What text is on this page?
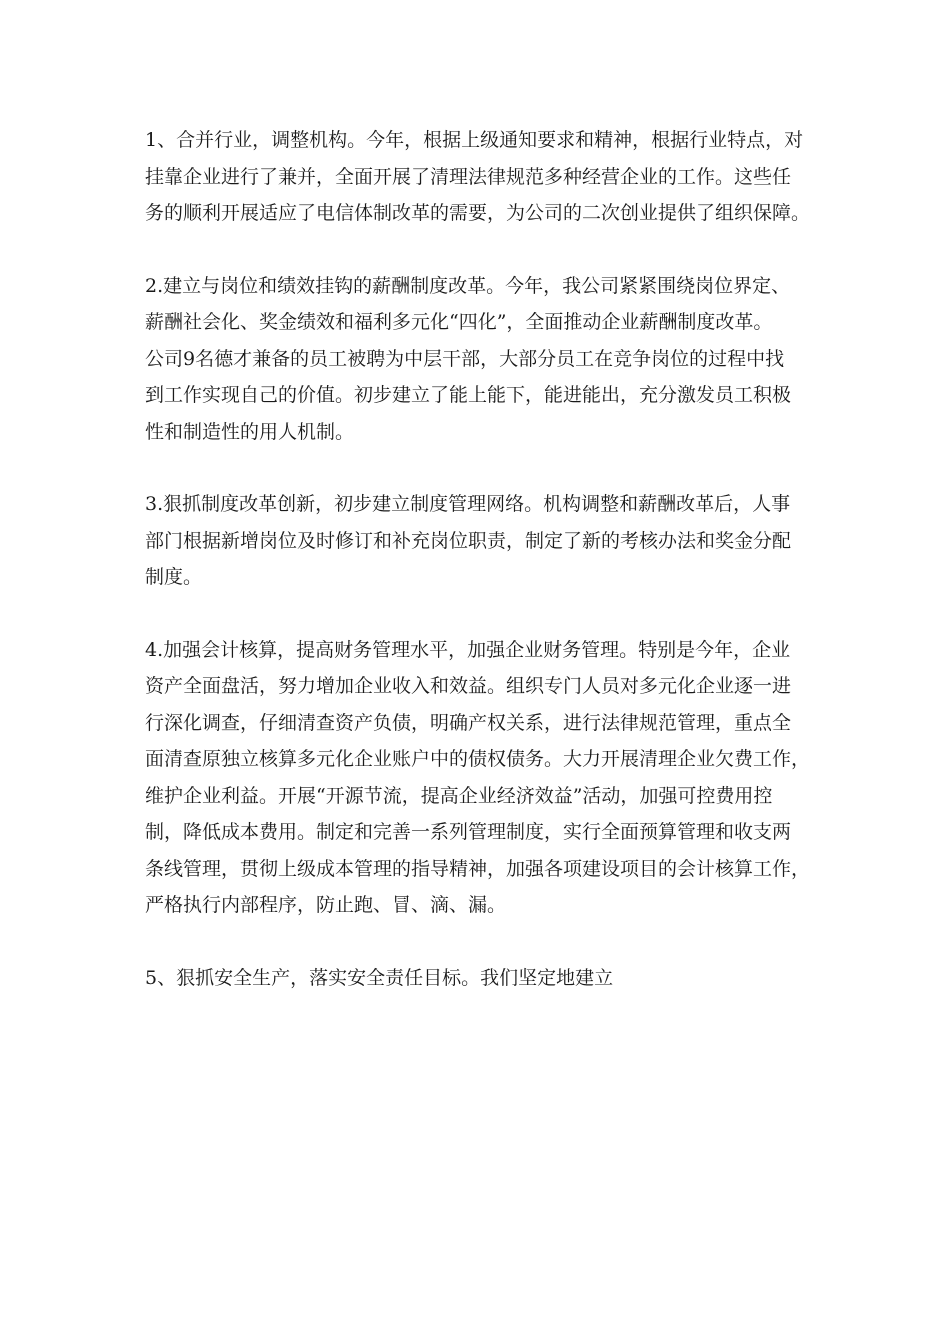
1、合并行业，调整机构。今年，根据上级通知要求和精神，根据行业特点，对
挂靠企业进行了兼并，全面开展了清理法律规范多种经营企业的工作。这些任
务的顺利开展适应了电信体制改革的需要，为公司的二次创业提供了组织保障。

2.建立与岗位和绩效挂钩的薪酬制度改革。今年，我公司紧紧围绕岗位界定、
薪酬社会化、奖金绩效和福利多元化“四化”，全面推动企业薪酬制度改革。
公司9名德才兼备的员工被聘为中层干部，大部分员工在竞争岗位的过程中找
到工作实现自己的价值。初步建立了能上能下，能进能出，充分激发员工积极
性和制造性的用人机制。

3.狠抓制度改革创新，初步建立制度管理网络。机构调整和薪酬改革后，人事
部门根据新增岗位及时修订和补充岗位职责，制定了新的考核办法和奖金分配
制度。

4.加强会计核算，提高财务管理水平，加强企业财务管理。特别是今年，企业
资产全面盘活，努力增加企业收入和效益。组织专门人员对多元化企业逐一进
行深化调查，仔细清查资产负债，明确产权关系，进行法律规范管理，重点全
面清查原独立核算多元化企业账户中的债权债务。大力开展清理企业欠费工作，
维护企业利益。开展“开源节流，提高企业经济效益”活动，加强可控费用控
制，降低成本费用。制定和完善一系列管理制度，实行全面预算管理和收支两
条线管理，贯彻上级成本管理的指导精神，加强各项建设项目的会计核算工作，
严格执行内部程序，防止跑、冒、滴、漏。

5、狠抓安全生产，落实安全责任目标。我们坚定地建立
